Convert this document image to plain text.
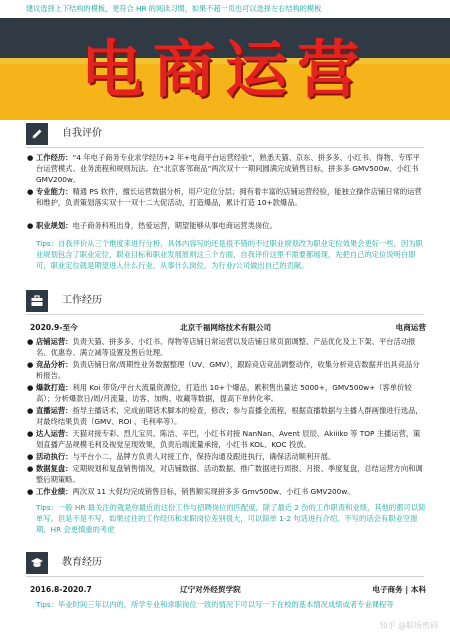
建议选择上下结构的模板，更符合 HR 的阅读习惯，如果不超一页也可以选择左右结构的模板
电商运营
自我评价
● 工作经历：“4 年电子商务专业求学经历+2 年+电商平台运营经验”，熟悉天猫、京东、拼多多、小红书、得物、专库平台运营模式、业务流程和规则玩法。在“北京客邻商品”两次双十一期间圆满完成销售目标，拼多多 GMV500w、小红书 GMV200w。
● 专业能力：精通 PS 软件，擅长运营数据分析，用户定位分层；拥有着丰富的店铺运营经验，能独立操作店铺日常的运营和维护，负责策划落实双十一双十二大促活动，打造爆品，累计打造 10+款爆品。
● 职业规划：电子商务科班出身，热爱运营，期望能够从事电商运营类岗位。
Tips：自我评价从三个维度来进行分析，具体内容写的还是很不错的不过职业规划改为职业定位效果会更好一些，因为职业规划包含了职业定位，职业目标和职业发展原则这三个方面，自我评价这里不需要都展现，先把自己的定位说明白即可，职业定位就是期望进入什么行业，从事什么岗位，为行业/公司做出自己的贡献。
工作经历
2020.9-至今	北京千福网络技术有限公司	电商运营
● 店铺运营：负责天猫、拼多多、小红书、得物等店铺日常运营以及店铺日常页面调整、产品优化及上下架、平台活动报名、优惠券、满立减等设置及售后处理。
● 竞品分析：负责店铺日常/周期性业务数据整理（UV、GMV），跟踪竞店竞品调整动作，收集分析竞店数据并出具竞品分析报告。
● 爆款打造：利用 Koi 带货/平台大流量资源位，打造出 10+个爆品，累积售出量达 5000+，GMV500w+（客单价较高）；分析爆款日/周/月流量、访客、加购、收藏等数据，提高下单转化率。
● 直播运营：指导主播话术，完成前期话术脚本的检查，修改；参与直播全流程，根据直播数据与主播人群画像进行选品，对最终结果负责（GMV、ROI 、毛利率等）。
● 达人运营：天猫对接专彩、烈儿宝贝、陈洁、辛巴，小红书对接 NanNan、Avent 辰辰、Akiiiko 等 TOP 主播运营，策划直播产品规模毛利及视觉呈现效果，负责后端流量承接，小红书 KOL、KOC 投放。
● 活动执行：与平台小二、品牌方负责人对接工作，保持沟通及跟进执行，确保活动顺利开展。
● 数据复盘：定期规划和复盘销售情况，对店铺数据、活动数据、推广数据进行周报、月报、季度复盘，总结运营方向和调整后期策略。
● 工作业绩：两次双 11 大促均完成销售目标，销售额实现拼多多 Gmv500w、小红书 GMV200w。
Tips：一般 HR 最关注的就是你最近的这份工作与招聘岗位的匹配度，除了最近 2 份的工作职责和业绩，其他的都可以简单写。但是不是不写，如果过往的工作经历和求职岗位差别很大，可以简单 1-2 句话进行介绍，不写的话会有职业空窗期，HR 会更慎重的考虑
教育经历
2016.8-2020.7	辽宁对外经贸学院	电子商务 | 本科
Tips：毕业时间三年以内的，所学专业和求职岗位一致的情况下可以写一下在校的基本情况成绩或者专业课程等
知乎 @职场密码
